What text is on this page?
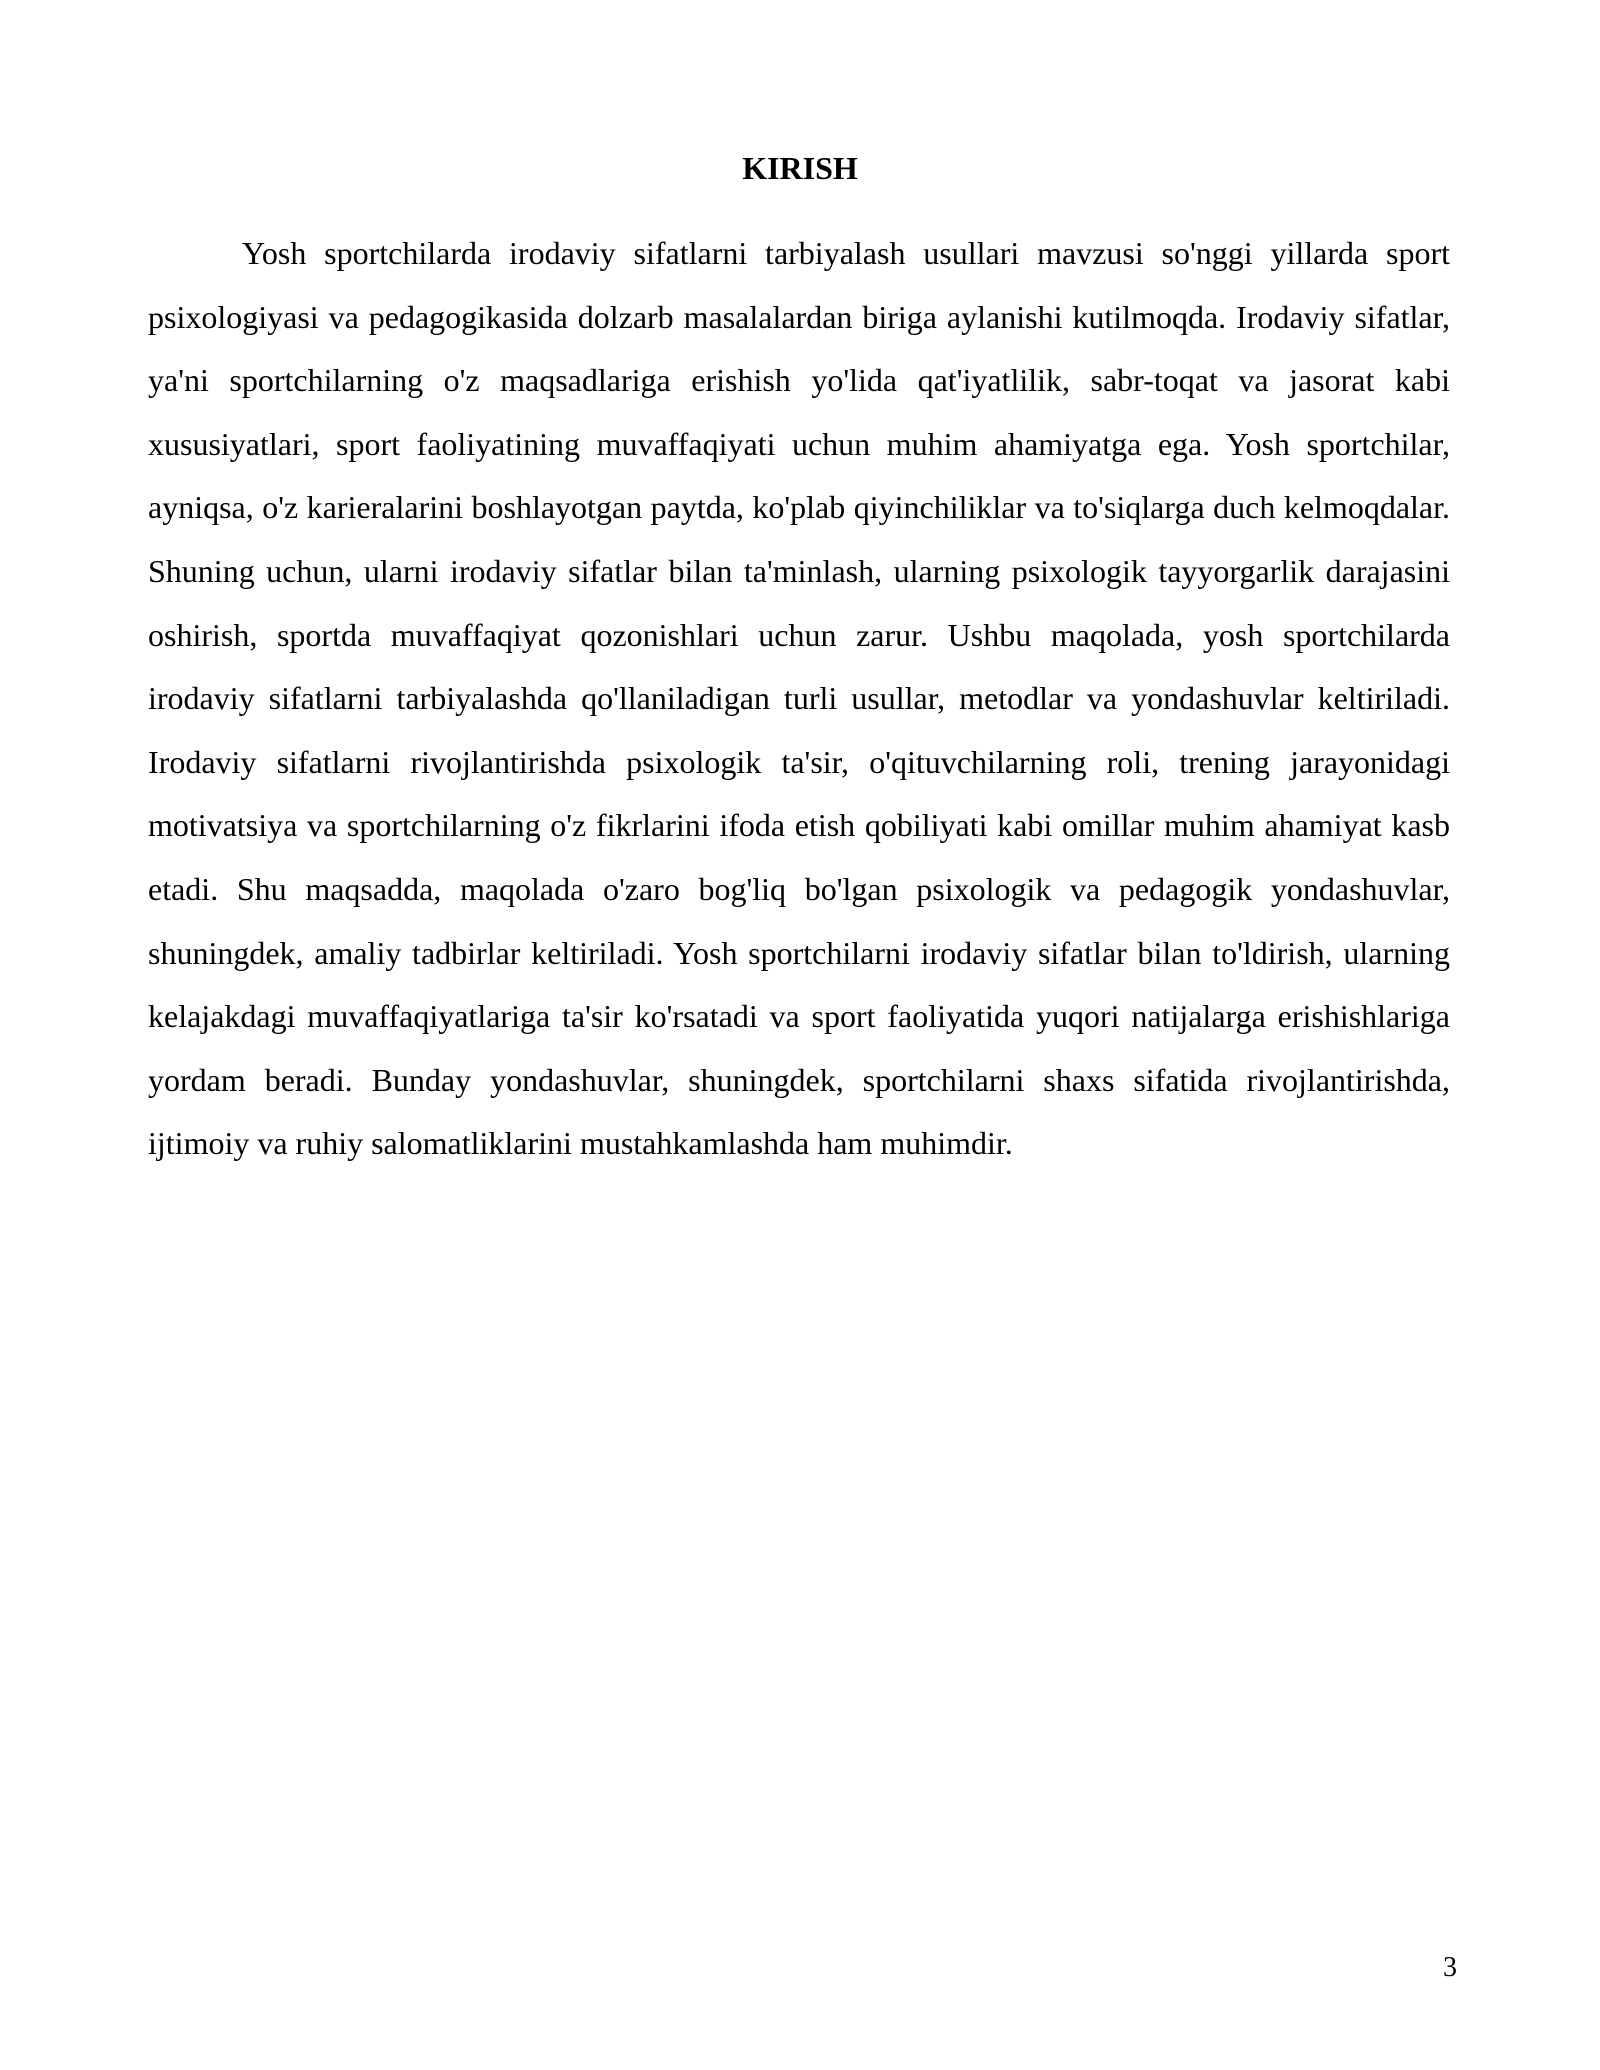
KIRISH

Yosh sportchilarda irodaviy sifatlarni tarbiyalash usullari mavzusi so'nggi yillarda sport psixologiyasi va pedagogikasida dolzarb masalalardan biriga aylanishi kutilmoqda. Irodaviy sifatlar, ya'ni sportchilarning o'z maqsadlariga erishish yo'lida qat'iyatlilik, sabr-toqat va jasorat kabi xususiyatlari, sport faoliyatining muvaffaqiyati uchun muhim ahamiyatga ega. Yosh sportchilar, ayniqsa, o'z karieralarini boshlayotgan paytda, ko'plab qiyinchiliklar va to'siqlarga duch kelmoqdalar. Shuning uchun, ularni irodaviy sifatlar bilan ta'minlash, ularning psixologik tayyorgarlik darajasini oshirish, sportda muvaffaqiyat qozonishlari uchun zarur. Ushbu maqolada, yosh sportchilarda irodaviy sifatlarni tarbiyalashda qo'llaniladigan turli usullar, metodlar va yondashuvlar keltiriladi. Irodaviy sifatlarni rivojlantirishda psixologik ta'sir, o'qituvchilarning roli, trening jarayonidagi motivatsiya va sportchilarning o'z fikrlarini ifoda etish qobiliyati kabi omillar muhim ahamiyat kasb etadi. Shu maqsadda, maqolada o'zaro bog'liq bo'lgan psixologik va pedagogik yondashuvlar, shuningdek, amaliy tadbirlar keltiriladi. Yosh sportchilarni irodaviy sifatlar bilan to'ldirish, ularning kelajakdagi muvaffaqiyatlariga ta'sir ko'rsatadi va sport faoliyatida yuqori natijalarga erishishlariga yordam beradi. Bunday yondashuvlar, shuningdek, sportchilarni shaxs sifatida rivojlantirishda, ijtimoiy va ruhiy salomatliklarini mustahkamlashda ham muhimdir.

3
